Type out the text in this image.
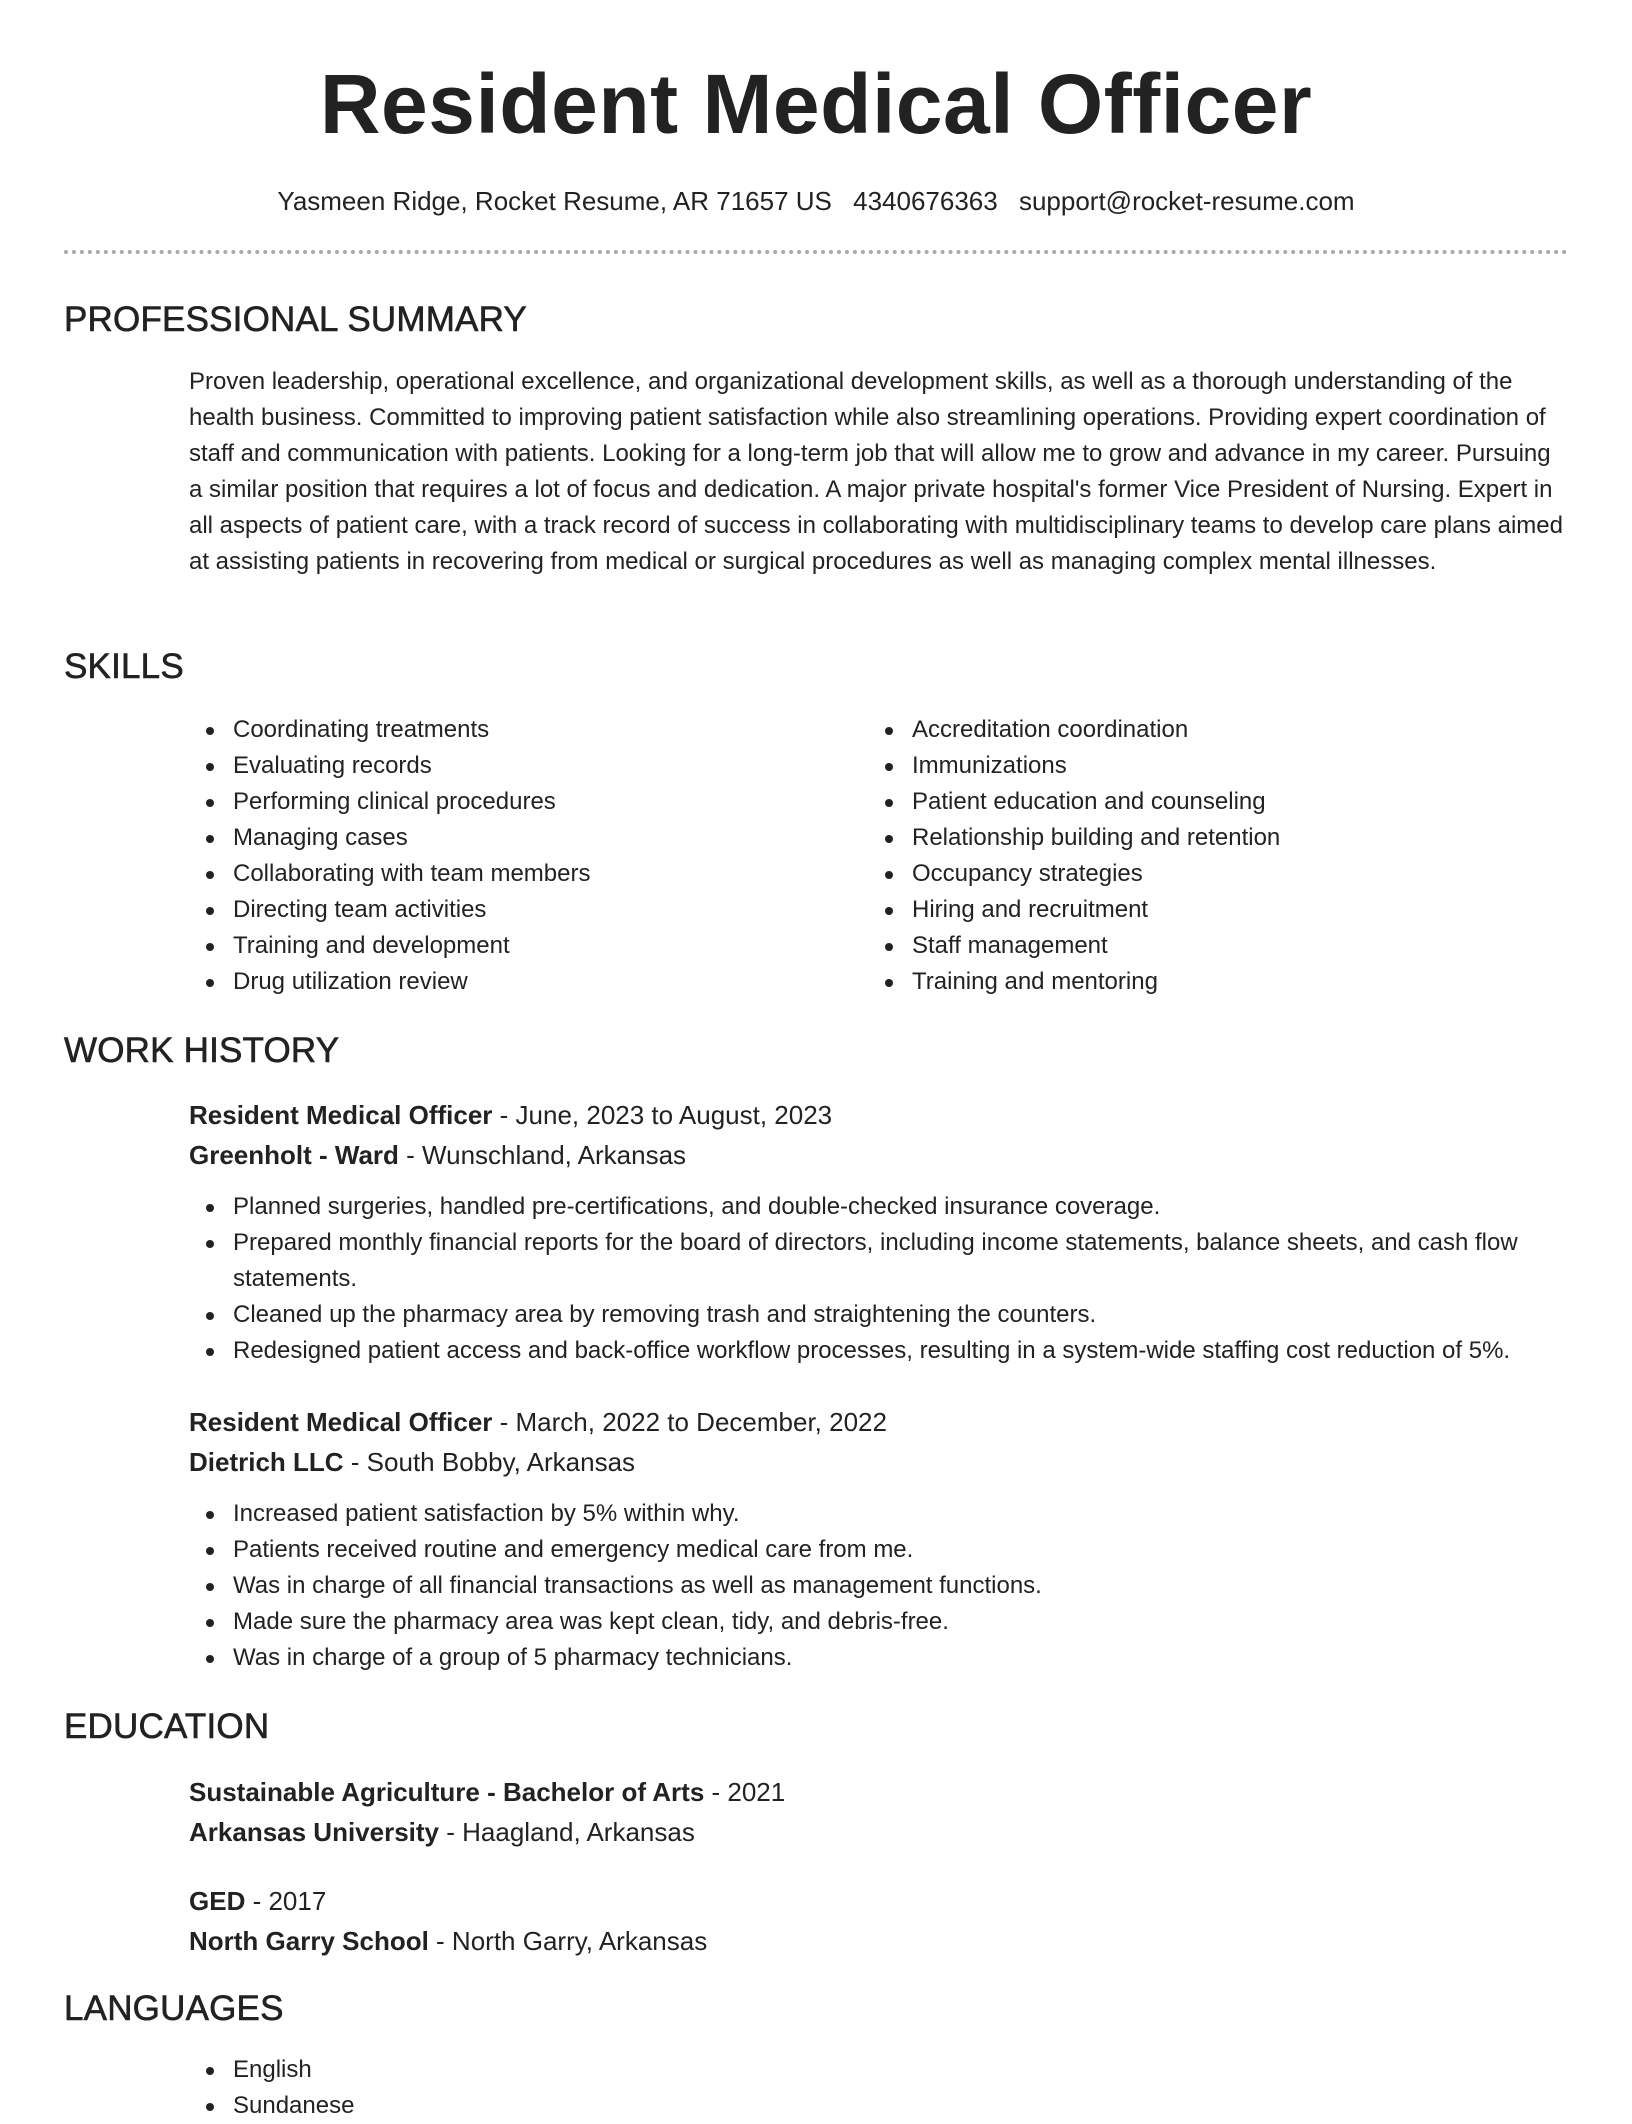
Resident Medical Officer
Yasmeen Ridge, Rocket Resume, AR 71657 US 4340676363 support@rocket-resume.com
PROFESSIONAL SUMMARY

Proven leadership, operational excellence, and organizational development skills, as well as a thorough understanding of the health business. Committed to improving patient satisfaction while also streamlining operations. Providing expert coordination of staff and communication with patients. Looking for a long-term job that will allow me to grow and advance in my career. Pursuing a similar position that requires a lot of focus and dedication. A major private hospital's former Vice President of Nursing. Expert in all aspects of patient care, with a track record of success in collaborating with multidisciplinary teams to develop care plans aimed at assisting patients in recovering from medical or surgical procedures as well as managing complex mental illnesses.

SKILLS
Coordinating treatments
Evaluating records
Performing clinical procedures
Managing cases
Collaborating with team members
Directing team activities
Training and development
Drug utilization review
Accreditation coordination
Immunizations
Patient education and counseling
Relationship building and retention
Occupancy strategies
Hiring and recruitment
Staff management
Training and mentoring
WORK HISTORY

Resident Medical Officer - June, 2023 to August, 2023

Greenholt - Ward - Wunschland, Arkansas

Planned surgeries, handled pre-certifications, and double-checked insurance coverage.
Prepared monthly financial reports for the board of directors, including income statements, balance sheets, and cash flow statements.
Cleaned up the pharmacy area by removing trash and straightening the counters.
Redesigned patient access and back-office workflow processes, resulting in a system-wide staffing cost reduction of 5%.

Resident Medical Officer - March, 2022 to December, 2022

Dietrich LLC - South Bobby, Arkansas

Increased patient satisfaction by 5% within why.
Patients received routine and emergency medical care from me.
Was in charge of all financial transactions as well as management functions.
Made sure the pharmacy area was kept clean, tidy, and debris-free.
Was in charge of a group of 5 pharmacy technicians.
EDUCATION

Sustainable Agriculture - Bachelor of Arts - 2021

Arkansas University - Haagland, Arkansas

GED - 2017

North Garry School - North Garry, Arkansas

LANGUAGES
English
Sundanese
